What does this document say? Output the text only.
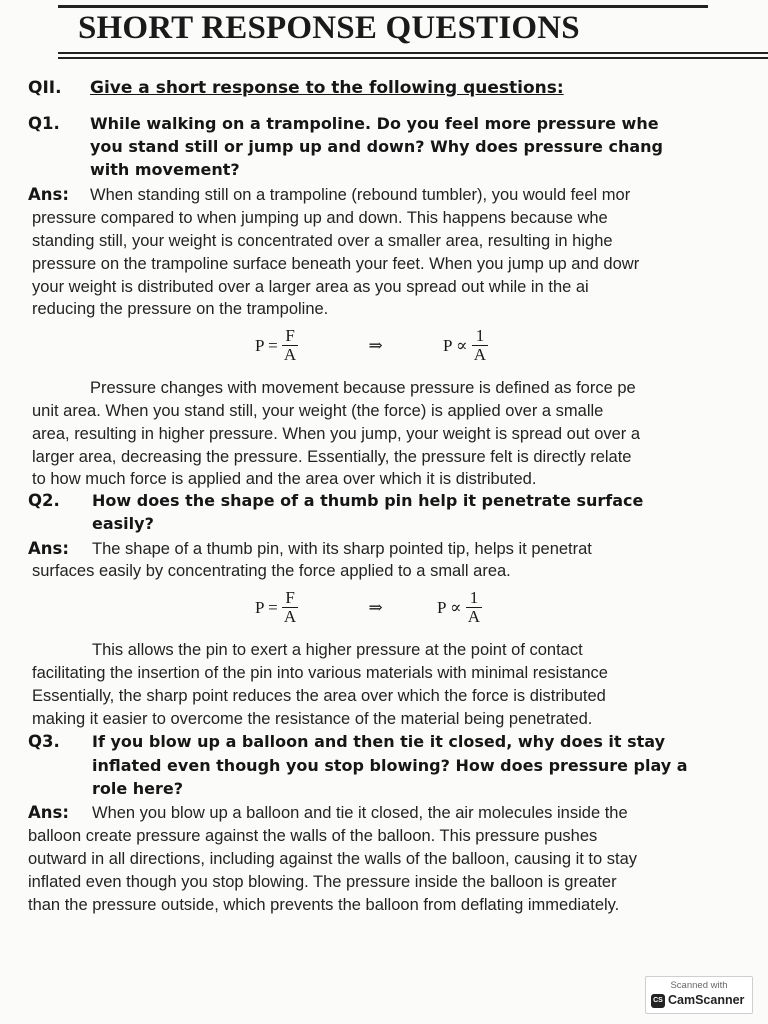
SHORT RESPONSE QUESTIONS
QII. Give a short response to the following questions:
Q1. While walking on a trampoline. Do you feel more pressure whe
you stand still or jump up and down? Why does pressure chang
with movement?
Ans: When standing still on a trampoline (rebound tumbler), you would feel mor
pressure compared to when jumping up and down. This happens because whe
standing still, your weight is concentrated over a smaller area, resulting in highe
pressure on the trampoline surface beneath your feet. When you jump up and dowr
your weight is distributed over a larger area as you spread out while in the ai
reducing the pressure on the trampoline.
$P = \frac{F}{A}$	⇒	$P \propto \frac{1}{A}$
Pressure changes with movement because pressure is defined as force pe
unit area. When you stand still, your weight (the force) is applied over a smalle
area, resulting in higher pressure. When you jump, your weight is spread out over a
larger area, decreasing the pressure. Essentially, the pressure felt is directly relate
to how much force is applied and the area over which it is distributed.
Q2. How does the shape of a thumb pin help it penetrate surface
easily?
Ans: The shape of a thumb pin, with its sharp pointed tip, helps it penetrat
surfaces easily by concentrating the force applied to a small area.
$P = \frac{F}{A}$	⇒	$P \propto \frac{1}{A}$
This allows the pin to exert a higher pressure at the point of contact
facilitating the insertion of the pin into various materials with minimal resistance
Essentially, the sharp point reduces the area over which the force is distributed
making it easier to overcome the resistance of the material being penetrated.
Q3. If you blow up a balloon and then tie it closed, why does it stay
inflated even though you stop blowing? How does pressure play a
role here?
Ans: When you blow up a balloon and tie it closed, the air molecules inside the
balloon create pressure against the walls of the balloon. This pressure pushes
outward in all directions, including against the walls of the balloon, causing it to stay
inflated even though you stop blowing. The pressure inside the balloon is greater
than the pressure outside, which prevents the balloon from deflating immediately.
Scanned with
CS CamScanner
